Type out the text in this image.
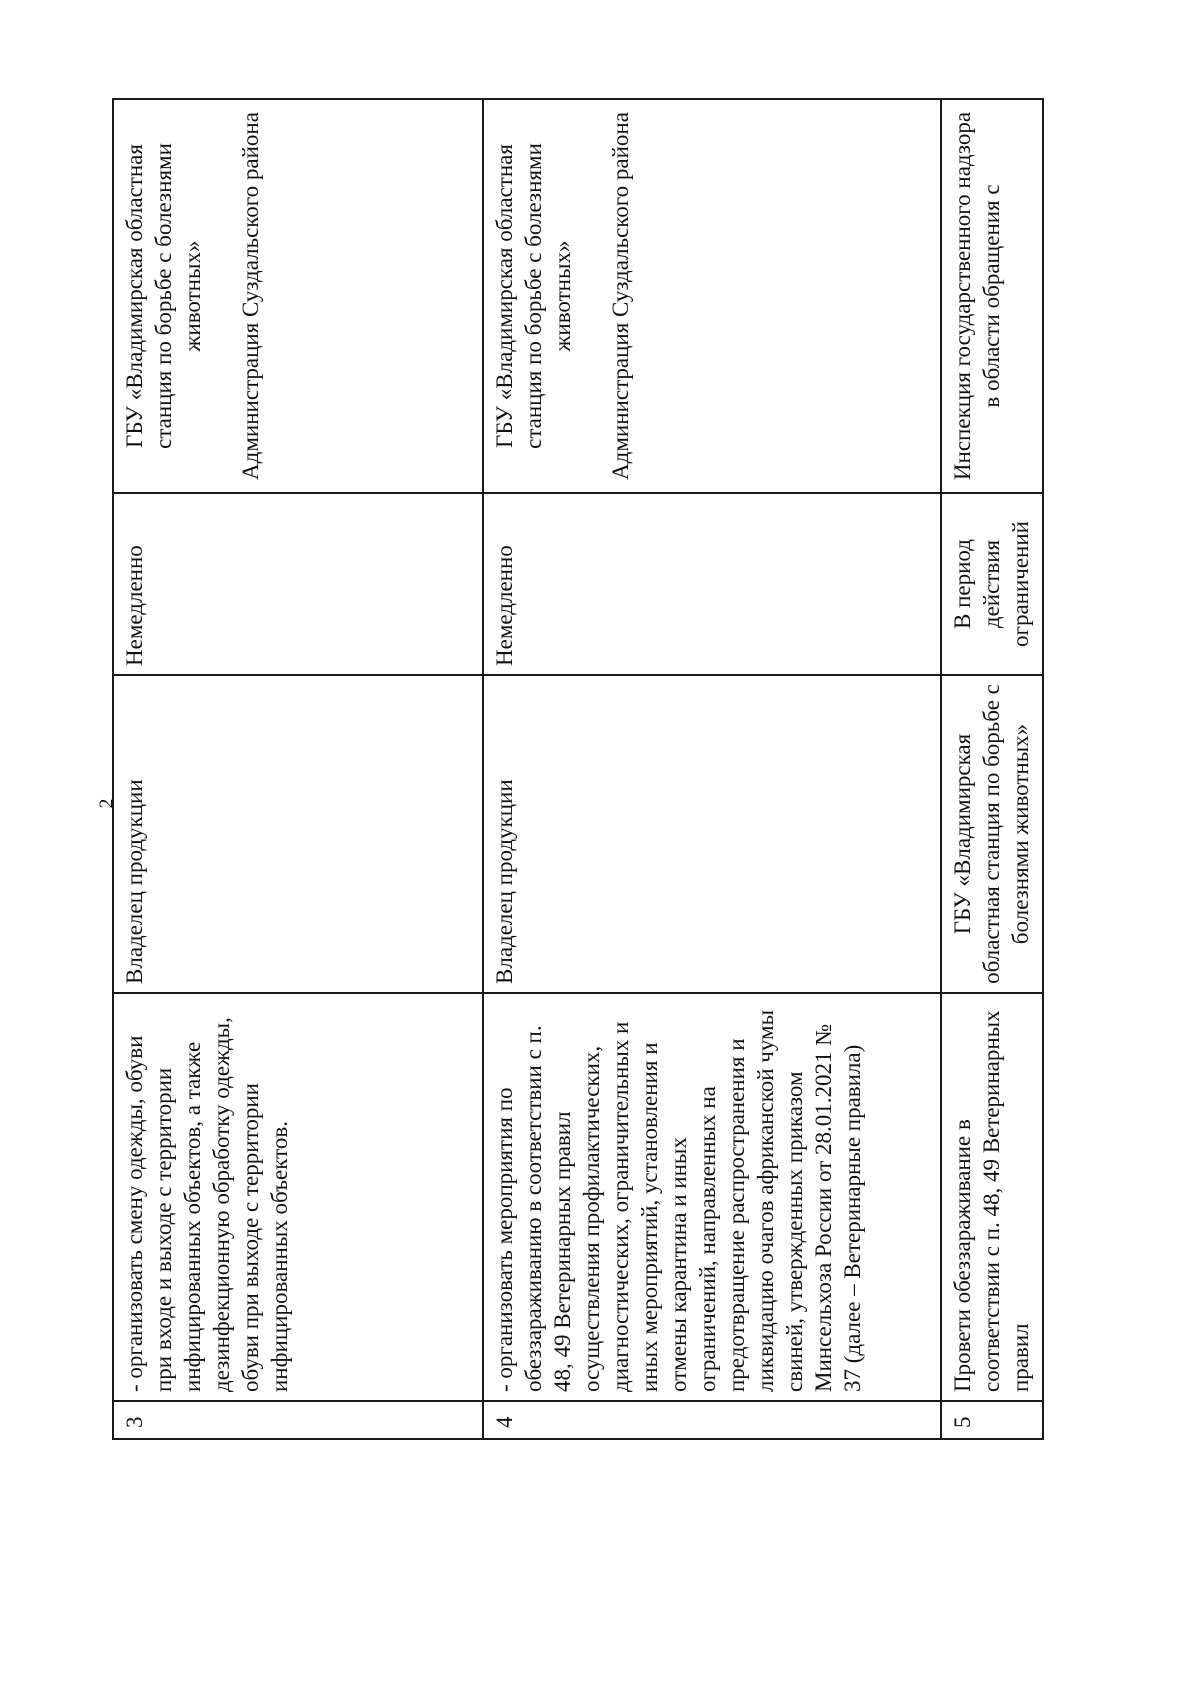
2
3	- организовать смену одежды, обуви при входе и выходе с территории инфицированных объектов, а также дезинфекционную обработку одежды, обуви при выходе с территории инфицированных объектов.	Владелец продукции	Немедленно	ГБУ «Владимирская областная станция по борьбе с болезнями животных» Администрация Суздальского района

4	- организовать мероприятия по обеззараживанию в соответствии с п. 48, 49 Ветеринарных правил осуществления профилактических, диагностических, ограничительных и иных мероприятий, установления и отмены карантина и иных ограничений, направленных на предотвращение распространения и ликвидацию очагов африканской чумы свиней, утвержденных приказом Минсельхоза России от 28.01.2021 № 37 (далее – Ветеринарные правила)	Владелец продукции	Немедленно	ГБУ «Владимирская областная станция по борьбе с болезнями животных» Администрация Суздальского района

5	Провети обеззараживание в соответствии с п. 48, 49 Ветеринарных правил	ГБУ «Владимирская областная станция по борьбе с болезнями животных»	В период действия ограничений	Инспекция государственного надзора в области обращения с
